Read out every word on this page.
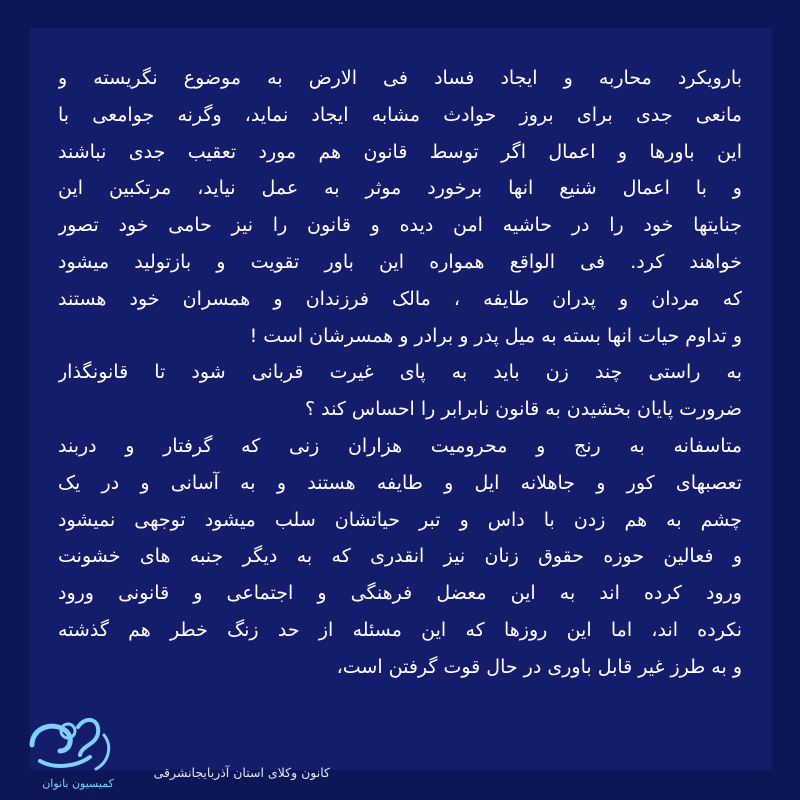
بارویکرد محاربه و ایجاد فساد فی الارض به موضوع نگریسته و
مانعی جدی برای بروز حوادث مشابه ایجاد نماید، وگرنه جوامعی با
این باورها و اعمال اگر توسط قانون هم مورد تعقیب جدی نباشند
و با اعمال شنیع انها برخورد موثر به عمل نیاید، مرتکبین این
جنایتها خود را در حاشیه امن دیده و قانون را نیز حامی خود تصور
خواهند کرد. فی الواقع همواره این باور تقویت و بازتولید میشود
که مردان و پدران طایفه ، مالک فرزندان و همسران خود هستند
و تداوم حیات انها بسته به میل پدر و برادر و همسرشان است !
به راستی چند زن باید به پای غیرت قربانی شود تا قانونگذار
ضرورت پایان بخشیدن به قانون نابرابر را احساس کند ؟
متاسفانه به رنج و محرومیت هزاران زنی که گرفتار و دربند
تعصبهای کور و جاهلانه ایل و طایفه هستند و به آسانی و در یک
چشم به هم زدن با داس و تبر حیاتشان سلب میشود توجهی نمیشود
و فعالین حوزه حقوق زنان نیز انقدری که به دیگر جنبه های خشونت
ورود کرده اند به این معضل فرهنگی و اجتماعی و قانونی ورود
نکرده اند، اما این روزها که این مسئله از حد زنگ خطر هم گذشته
و به طرز غیر قابل باوری در حال قوت گرفتن است،
کمیسیون بانوان
کانون وکلای استان آذربایجانشرقی
